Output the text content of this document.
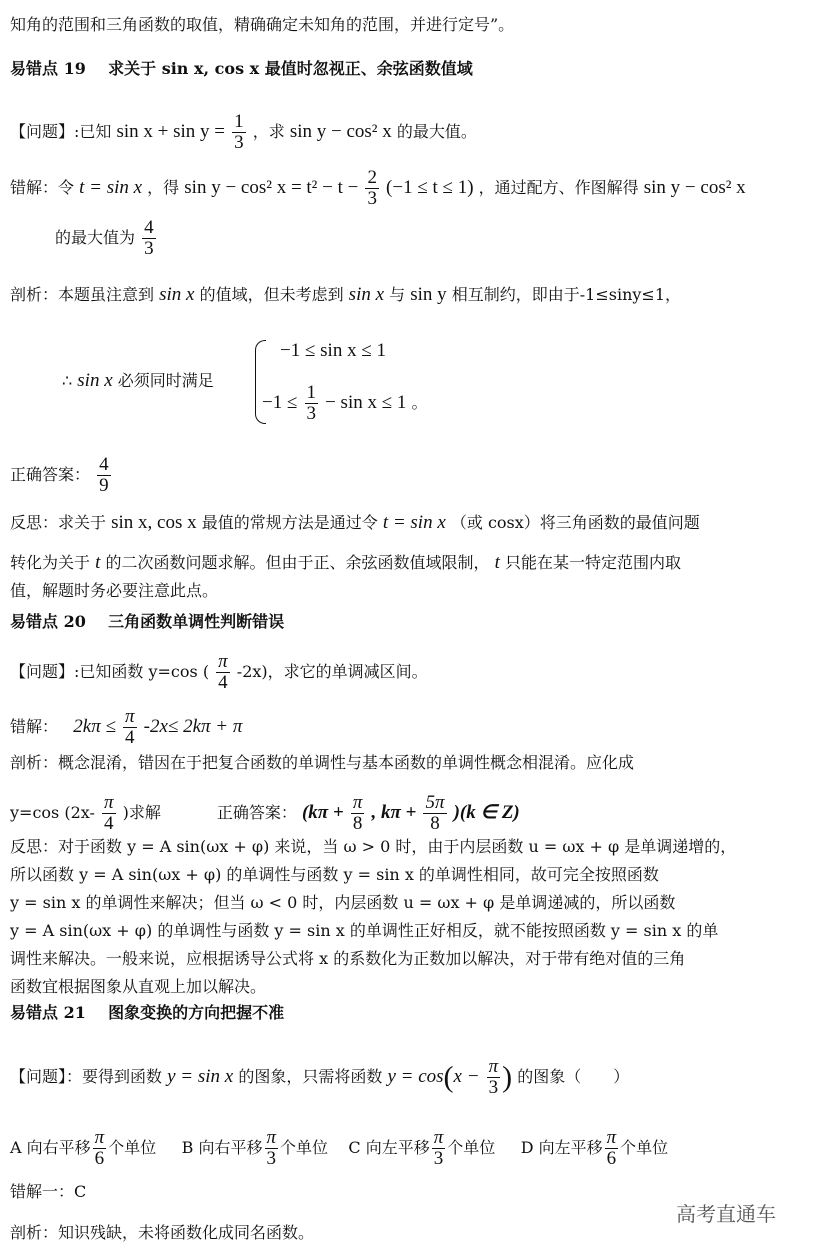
知角的范围和三角函数的取值，精确确定未知角的范围，并进行定号”。
易错点 19 求关于 sin x, cos x 最值时忽视正、余弦函数值域
【问题】:已知 $\sin x + \sin y = \frac{1}{3}$ ，求 sin y − cos² x 的最大值。
错解：令 t = sin x ，得 sin y − cos² $x = t^2 - t - \frac{2}{3} (-1 \le t \le 1)$ ，通过配方、作图解得 sin y − cos² x
的最大值为 $\frac{4}{3}$
剖析：本题虽注意到 sin x 的值域，但未考虑到 sin x 与 sin y 相互制约，即由于-1≤siny≤1，
∴ sin x 必须同时满足
−1 ≤ sin x ≤ 1
$-1 \le \frac{1}{3} - \sin x \le 1$ 。
正确答案： $\frac{4}{9}$
反思：求关于 sin x, cos x 最值的常规方法是通过令 t = sin x （或 cosx）将三角函数的最值问题
转化为关于 t 的二次函数问题求解。但由于正、余弦函数值域限制， t 只能在某一特定范围内取
值，解题时务必要注意此点。
易错点 20 三角函数单调性判断错误
【问题】:已知函数 y=cos ( $\frac{\pi}{4} -2x$)，求它的单调减区间。
错解： $2k\pi \le \frac{\pi}{4} -2x\le 2k\pi + \pi$
剖析：概念混淆，错因在于把复合函数的单调性与基本函数的单调性概念相混淆。应化成
y=cos ($2x- \frac{\pi}{4}$ )求解	正确答案： ($k\pi + \frac{\pi}{8}$ , $k\pi + \frac{5\pi}{8} )(k$ ∈ Z)
反思：对于函数 y = A sin(ωx + φ) 来说，当 ω > 0 时，由于内层函数 u = ωx + φ 是单调递增的，
所以函数 y = A sin(ωx + φ) 的单调性与函数 y = sin x 的单调性相同，故可完全按照函数
y = sin x 的单调性来解决；但当 ω < 0 时，内层函数 u = ωx + φ 是单调递减的，所以函数
y = A sin(ωx + φ) 的单调性与函数 y = sin x 的单调性正好相反，就不能按照函数 y = sin x 的单
调性来解决。一般来说，应根据诱导公式将 x 的系数化为正数加以解决，对于带有绝对值的三角
函数宜根据图象从直观上加以解决。
易错点 21 图象变换的方向把握不准
【问题】：要得到函数 y = sin x 的图象，只需将函数 $y = \cos(x - \frac{\pi}{3}$ ) 的图象（　　）
A 向右平移 $\frac{\pi}{6}$ 个单位 B 向右平移 $\frac{\pi}{3}$ 个单位 C 向左平移 $\frac{\pi}{3}$ 个单位 D 向左平移 $\frac{\pi}{6}$ 个单位
错解一：C
剖析：知识残缺，未将函数化成同名函数。
高考直通车
